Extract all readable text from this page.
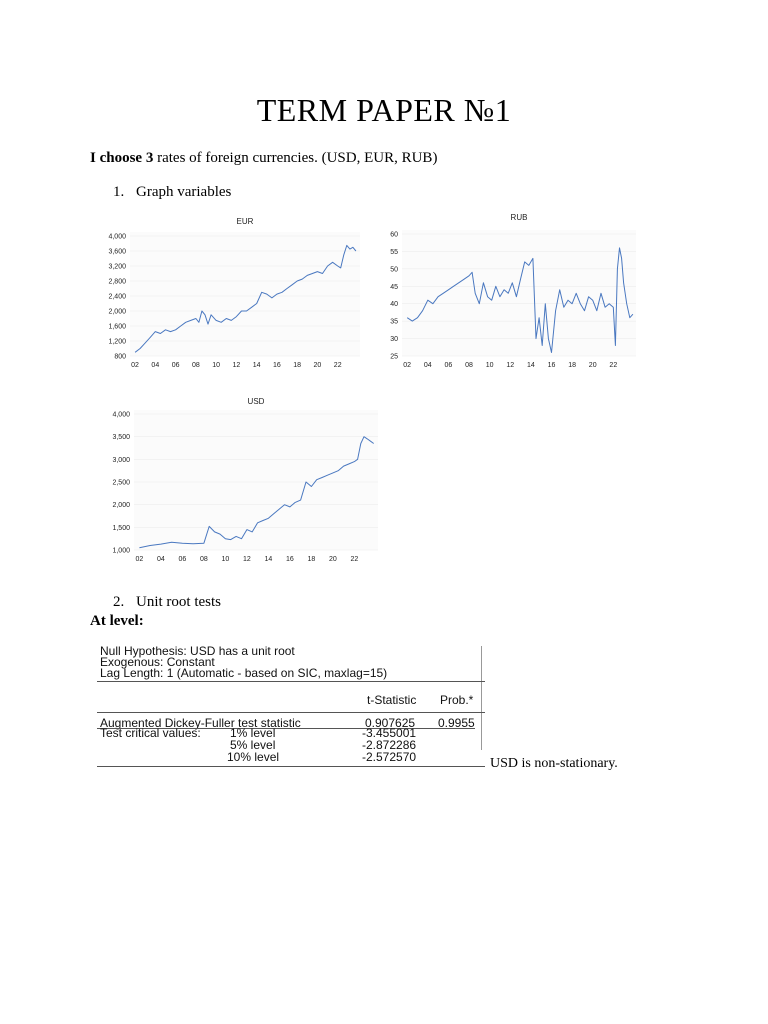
TERM PAPER №1
I choose 3 rates of foreign currencies. (USD, EUR, RUB)
1. Graph variables
EUR
800
1,200
1,600
2,000
2,400
2,800
3,200
3,600
4,000
02 04 06 08 10 12 14 16 18 20 22
RUB
25
30
35
40
45
50
55
60
02 04 06 08 10 12 14 16 18 20 22
USD
1,000
1,500
2,000
2,500
3,000
3,500
4,000
02 04 06 08 10 12 14 16 18 20 22
2. Unit root tests
At level:
Null Hypothesis: USD has a unit root
Exogenous: Constant
Lag Length: 1 (Automatic - based on SIC, maxlag=15)
t-Statistic Prob.*
Augmented Dickey-Fuller test statistic	0.907625 0.9955
Test critical values: 1% level	-3.455001
5% level	-2.872286
10% level	-2.572570	USD is non-stationary.
